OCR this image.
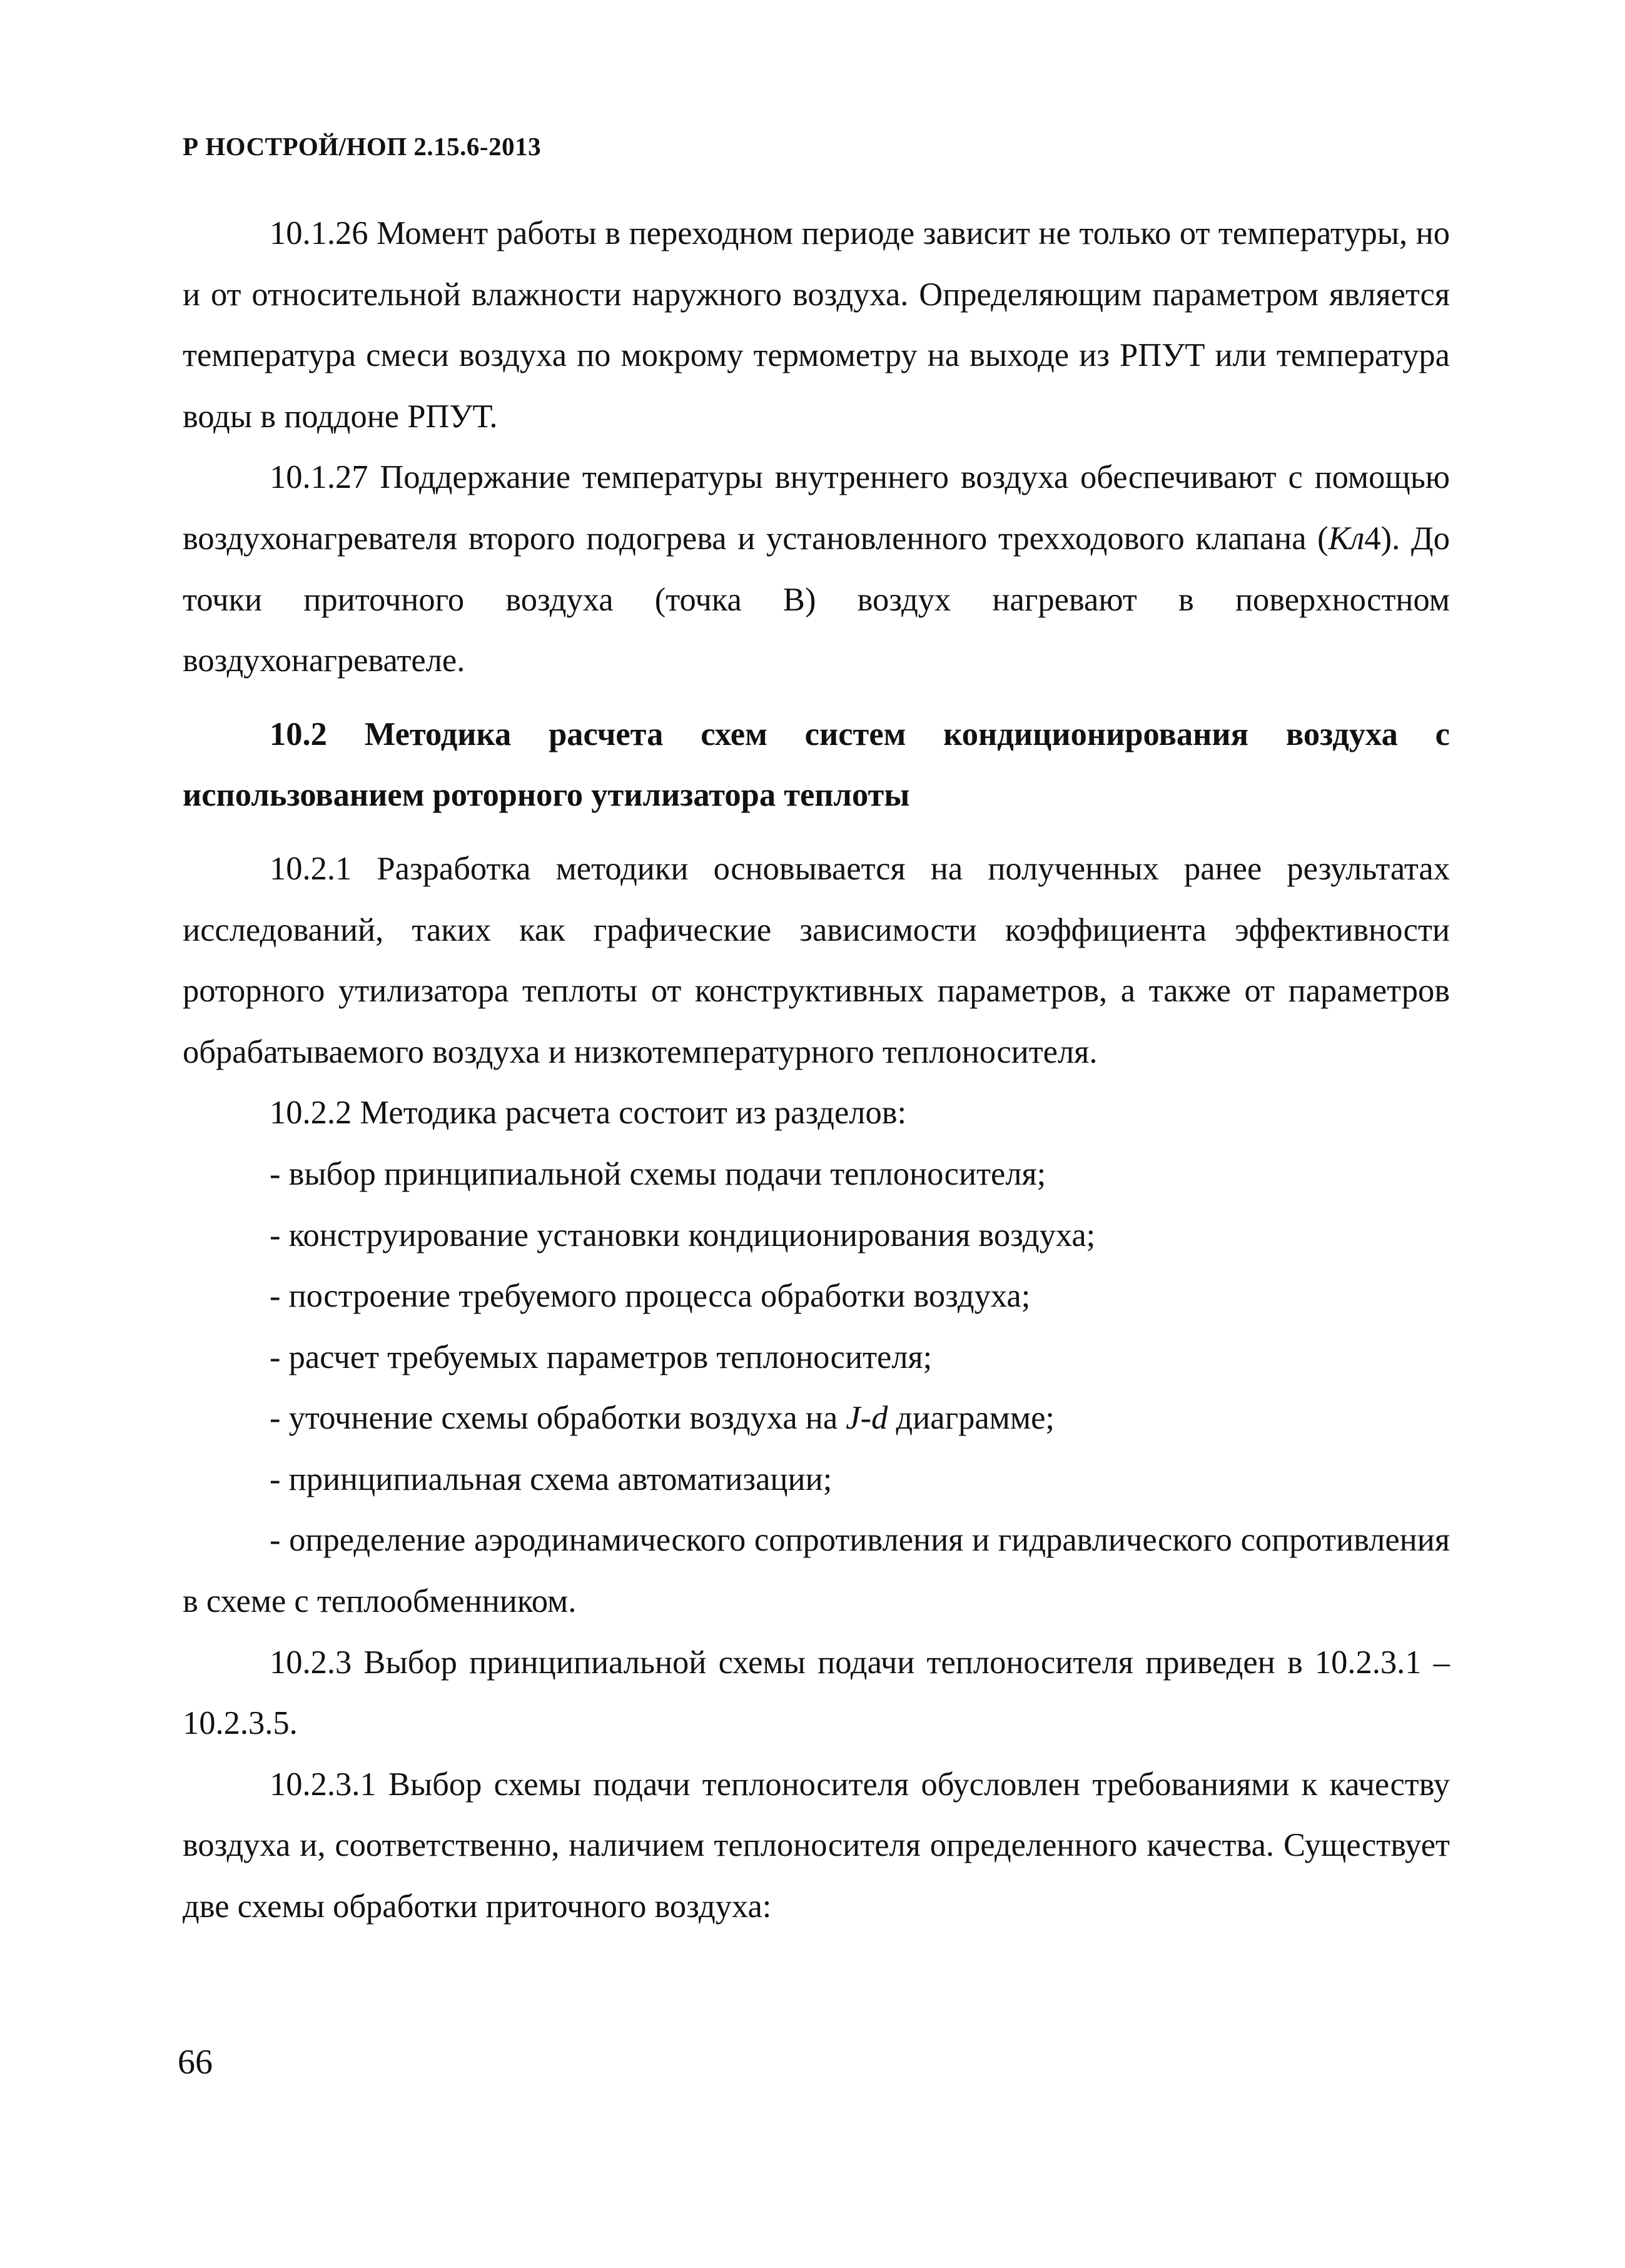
Р НОСТРОЙ/НОП 2.15.6-2013

10.1.26 Момент работы в переходном периоде зависит не только от температуры, но и от относительной влажности наружного воздуха. Определяющим параметром является температура смеси воздуха по мокрому термометру на выходе из РПУТ или температура воды в поддоне РПУТ.

10.1.27 Поддержание температуры внутреннего воздуха обеспечивают с помощью воздухонагревателя второго подогрева и установленного трехходового клапана (Кл4). До точки приточного воздуха (точка В) воздух нагревают в поверхностном воздухонагревателе.

10.2 Методика расчета схем систем кондиционирования воздуха с использованием роторного утилизатора теплоты

10.2.1 Разработка методики основывается на полученных ранее результатах исследований, таких как графические зависимости коэффициента эффективности роторного утилизатора теплоты от конструктивных параметров, а также от параметров обрабатываемого воздуха и низкотемпературного теплоносителя.

10.2.2 Методика расчета состоит из разделов:

- выбор принципиальной схемы подачи теплоносителя;

- конструирование установки кондиционирования воздуха;

- построение требуемого процесса обработки воздуха;

- расчет требуемых параметров теплоносителя;

- уточнение схемы обработки воздуха на J-d диаграмме;

- принципиальная схема автоматизации;

- определение аэродинамического сопротивления и гидравлического сопротивления в схеме с теплообменником.

10.2.3 Выбор принципиальной схемы подачи теплоносителя приведен в 10.2.3.1 – 10.2.3.5.

10.2.3.1 Выбор схемы подачи теплоносителя обусловлен требованиями к качеству воздуха и, соответственно, наличием теплоносителя определенного качества. Существует две схемы обработки приточного воздуха:

66
